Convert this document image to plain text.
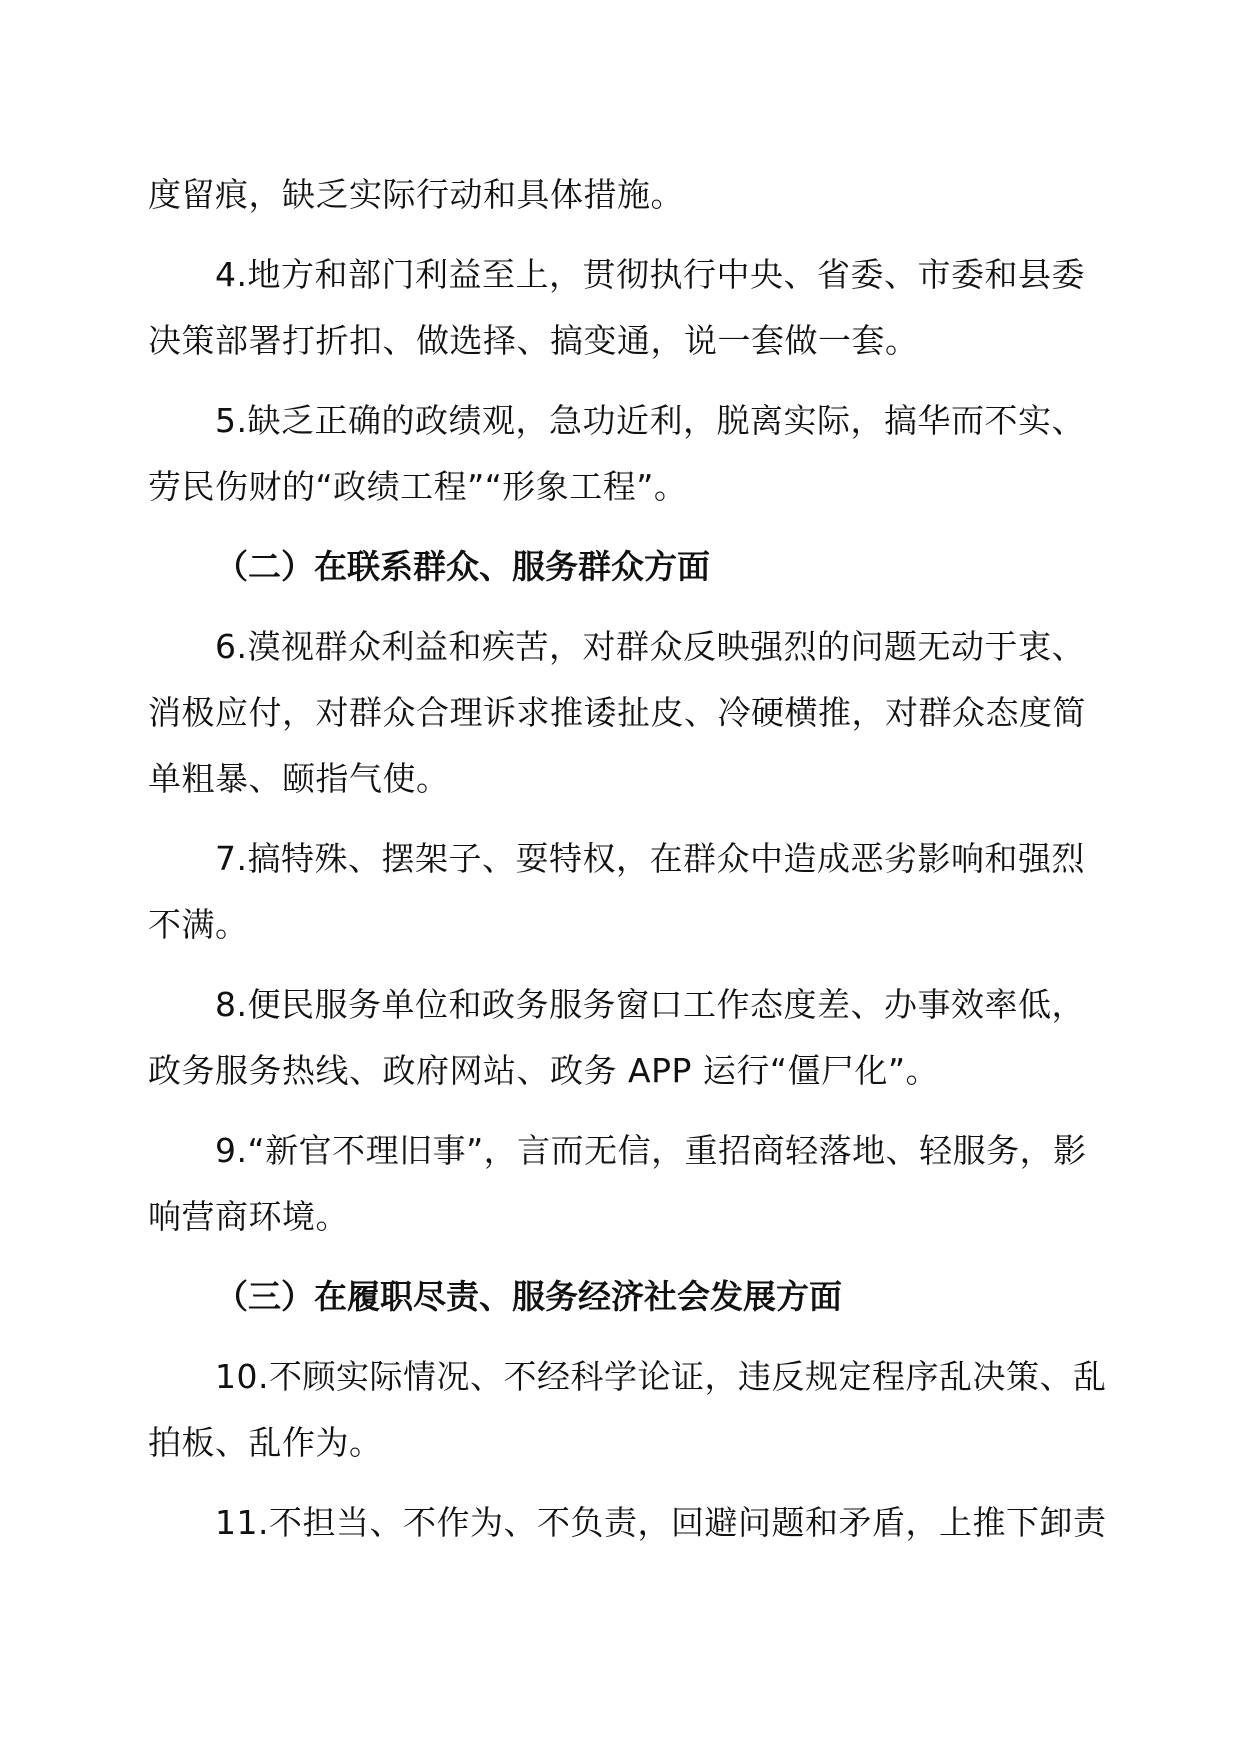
度留痕，缺乏实际行动和具体措施。
4.地方和部门利益至上，贯彻执行中央、省委、市委和县委
决策部署打折扣、做选择、搞变通，说一套做一套。
5.缺乏正确的政绩观，急功近利，脱离实际，搞华而不实、
劳民伤财的“政绩工程”“形象工程”。
（二）在联系群众、服务群众方面
6.漠视群众利益和疾苦，对群众反映强烈的问题无动于衷、
消极应付，对群众合理诉求推诿扯皮、冷硬横推，对群众态度简
单粗暴、颐指气使。
7.搞特殊、摆架子、耍特权，在群众中造成恶劣影响和强烈
不满。
8.便民服务单位和政务服务窗口工作态度差、办事效率低，
政务服务热线、政府网站、政务 APP 运行“僵尸化”。
9.“新官不理旧事”，言而无信，重招商轻落地、轻服务，影
响营商环境。
（三）在履职尽责、服务经济社会发展方面
10.不顾实际情况、不经科学论证，违反规定程序乱决策、乱
拍板、乱作为。
11.不担当、不作为、不负责，回避问题和矛盾，上推下卸责
